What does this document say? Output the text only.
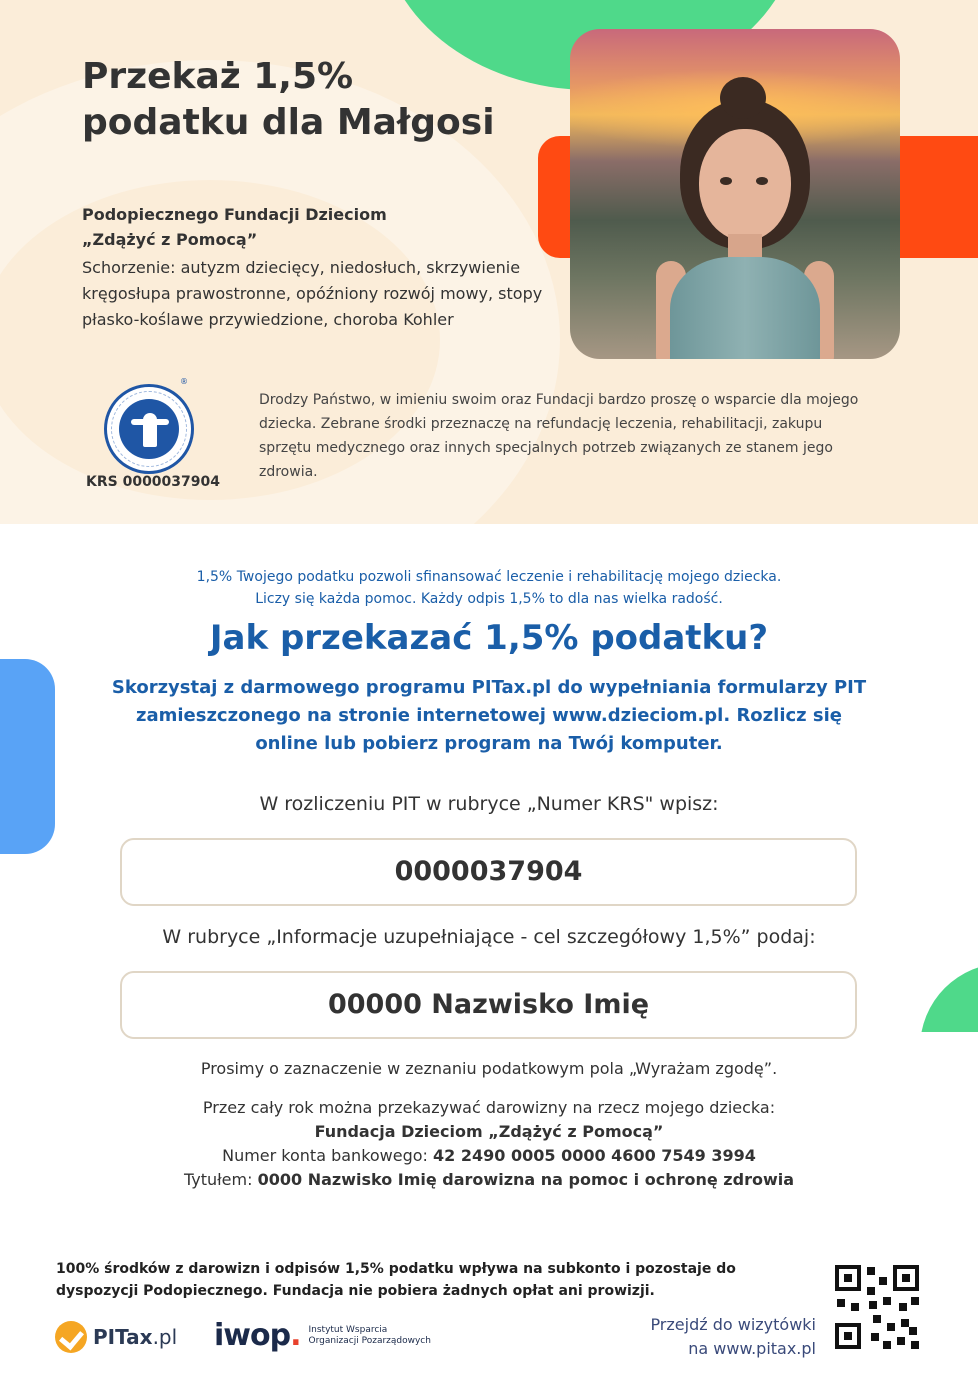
Przekaż 1,5% podatku dla Małgosi
Podopiecznego Fundacji Dzieciom
„Zdążyć z Pomocą”
Schorzenie: autyzm dziecięcy, niedosłuch, skrzywienie kręgosłupa prawostronne, opóźniony rozwój mowy, stopy płasko-koślawe przywiedzione, choroba Kohler
®
KRS 0000037904
Drodzy Państwo, w imieniu swoim oraz Fundacji bardzo proszę o wsparcie dla mojego dziecka. Zebrane środki przeznaczę na refundację leczenia, rehabilitacji, zakupu sprzętu medycznego oraz innych specjalnych potrzeb związanych ze stanem jego zdrowia.
1,5% Twojego podatku pozwoli sfinansować leczenie i rehabilitację mojego dziecka.
Liczy się każda pomoc. Każdy odpis 1,5% to dla nas wielka radość.
Jak przekazać 1,5% podatku?
Skorzystaj z darmowego programu PITax.pl do wypełniania formularzy PIT zamieszczonego na stronie internetowej www.dzieciom.pl. Rozlicz się online lub pobierz program na Twój komputer.
W rozliczeniu PIT w rubryce „Numer KRS" wpisz:
0000037904
W rubryce „Informacje uzupełniające - cel szczegółowy 1,5%” podaj:
00000 Nazwisko Imię
Prosimy o zaznaczenie w zeznaniu podatkowym pola „Wyrażam zgodę”.
Przez cały rok można przekazywać darowizny na rzecz mojego dziecka:
Fundacja Dzieciom „Zdążyć z Pomocą”
Numer konta bankowego: 42 2490 0005 0000 4600 7549 3994
Tytułem: 0000 Nazwisko Imię darowizna na pomoc i ochronę zdrowia
100% środków z darowizn i odpisów 1,5% podatku wpływa na subkonto i pozostaje do dyspozycji Podopiecznego. Fundacja nie pobiera żadnych opłat ani prowizji.
PITax.pl iwop. Instytut Wsparcia
Organizacji Pozarządowych
Przejdź do wizytówki
na www.pitax.pl
